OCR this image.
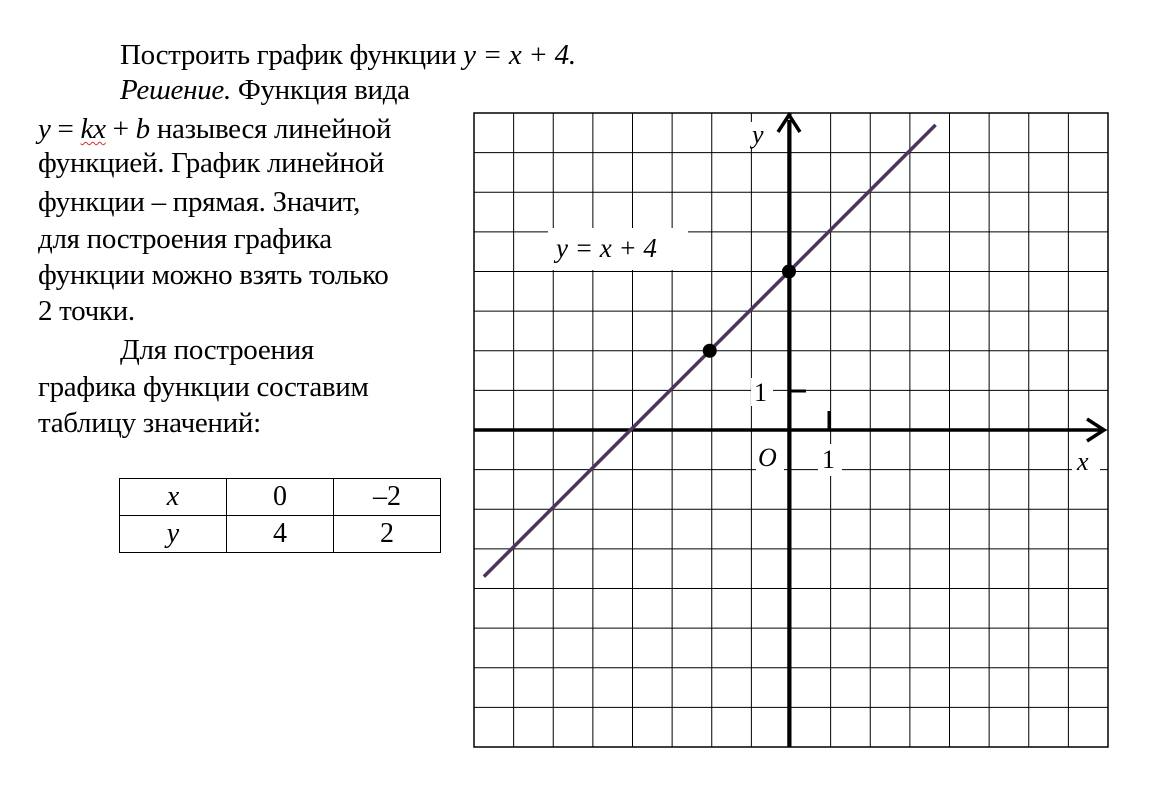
Построить график функции y = x + 4.
Решение. Функция вида
y = kx + b назывеся линейной
функцией. График линейной
функции – прямая. Значит,
для построения графика
функции можно взять только
2 точки.
Для построения
графика функции составим
таблицу значений:
x	0	–2
y	4	2
y
x
O 1
1
y = x + 4
